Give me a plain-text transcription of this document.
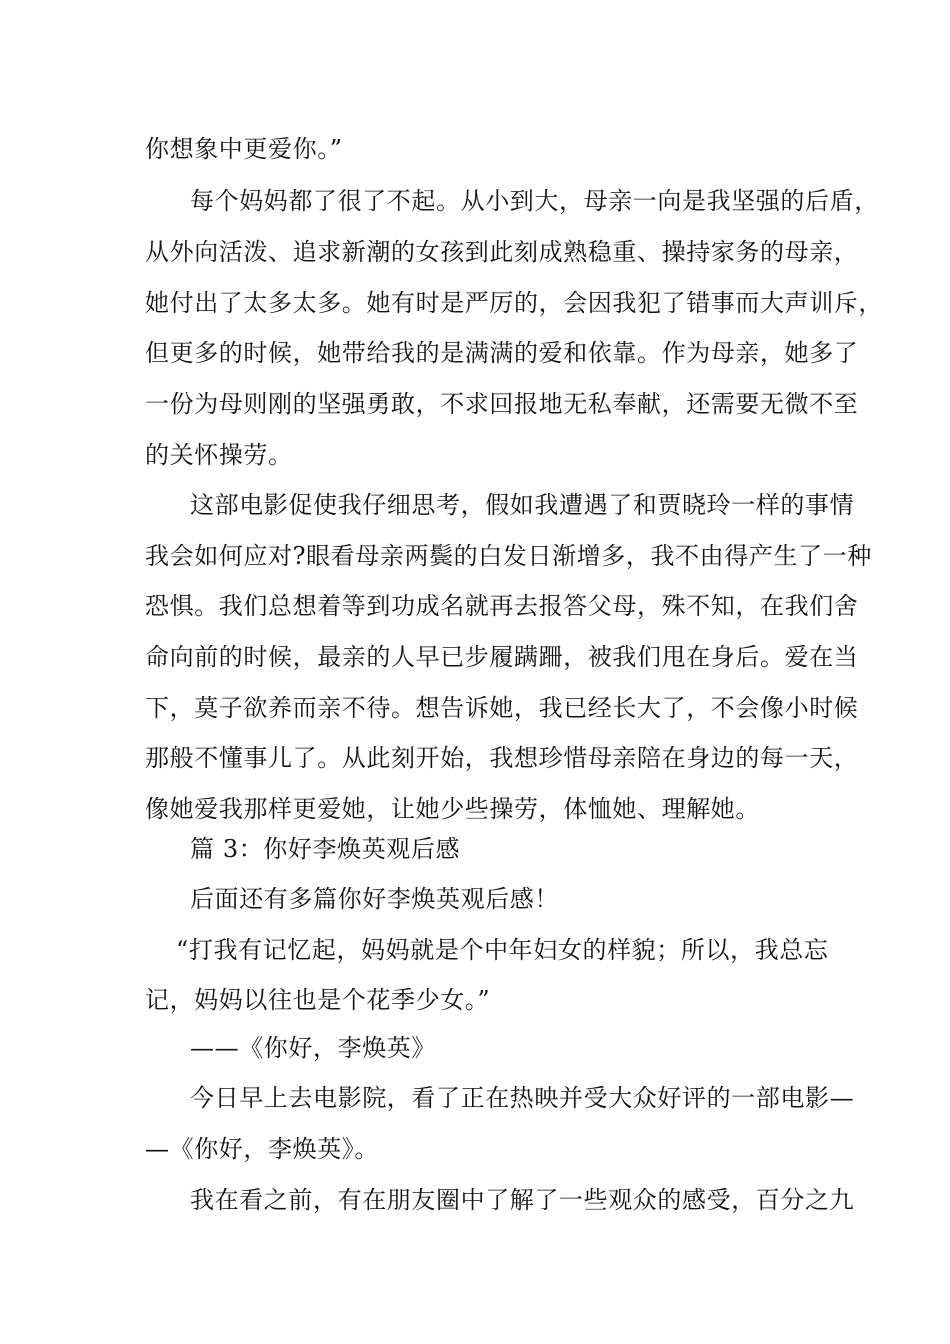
你想象中更爱你。”
每个妈妈都了很了不起。从小到大，母亲一向是我坚强的后盾，
从外向活泼、追求新潮的女孩到此刻成熟稳重、操持家务的母亲，
她付出了太多太多。她有时是严厉的，会因我犯了错事而大声训斥，
但更多的时候，她带给我的是满满的爱和依靠。作为母亲，她多了
一份为母则刚的坚强勇敢，不求回报地无私奉献，还需要无微不至
的关怀操劳。
这部电影促使我仔细思考，假如我遭遇了和贾晓玲一样的事情
我会如何应对?眼看母亲两鬓的白发日渐增多，我不由得产生了一种
恐惧。我们总想着等到功成名就再去报答父母，殊不知，在我们舍
命向前的时候，最亲的人早已步履蹒跚，被我们甩在身后。爱在当
下，莫子欲养而亲不待。想告诉她，我已经长大了，不会像小时候
那般不懂事儿了。从此刻开始，我想珍惜母亲陪在身边的每一天，
像她爱我那样更爱她，让她少些操劳，体恤她、理解她。
篇 3：你好李焕英观后感
后面还有多篇你好李焕英观后感！
“打我有记忆起，妈妈就是个中年妇女的样貌；所以，我总忘
记，妈妈以往也是个花季少女。”
——《你好，李焕英》
今日早上去电影院，看了正在热映并受大众好评的一部电影—
—《你好，李焕英》。
我在看之前，有在朋友圈中了解了一些观众的感受，百分之九
